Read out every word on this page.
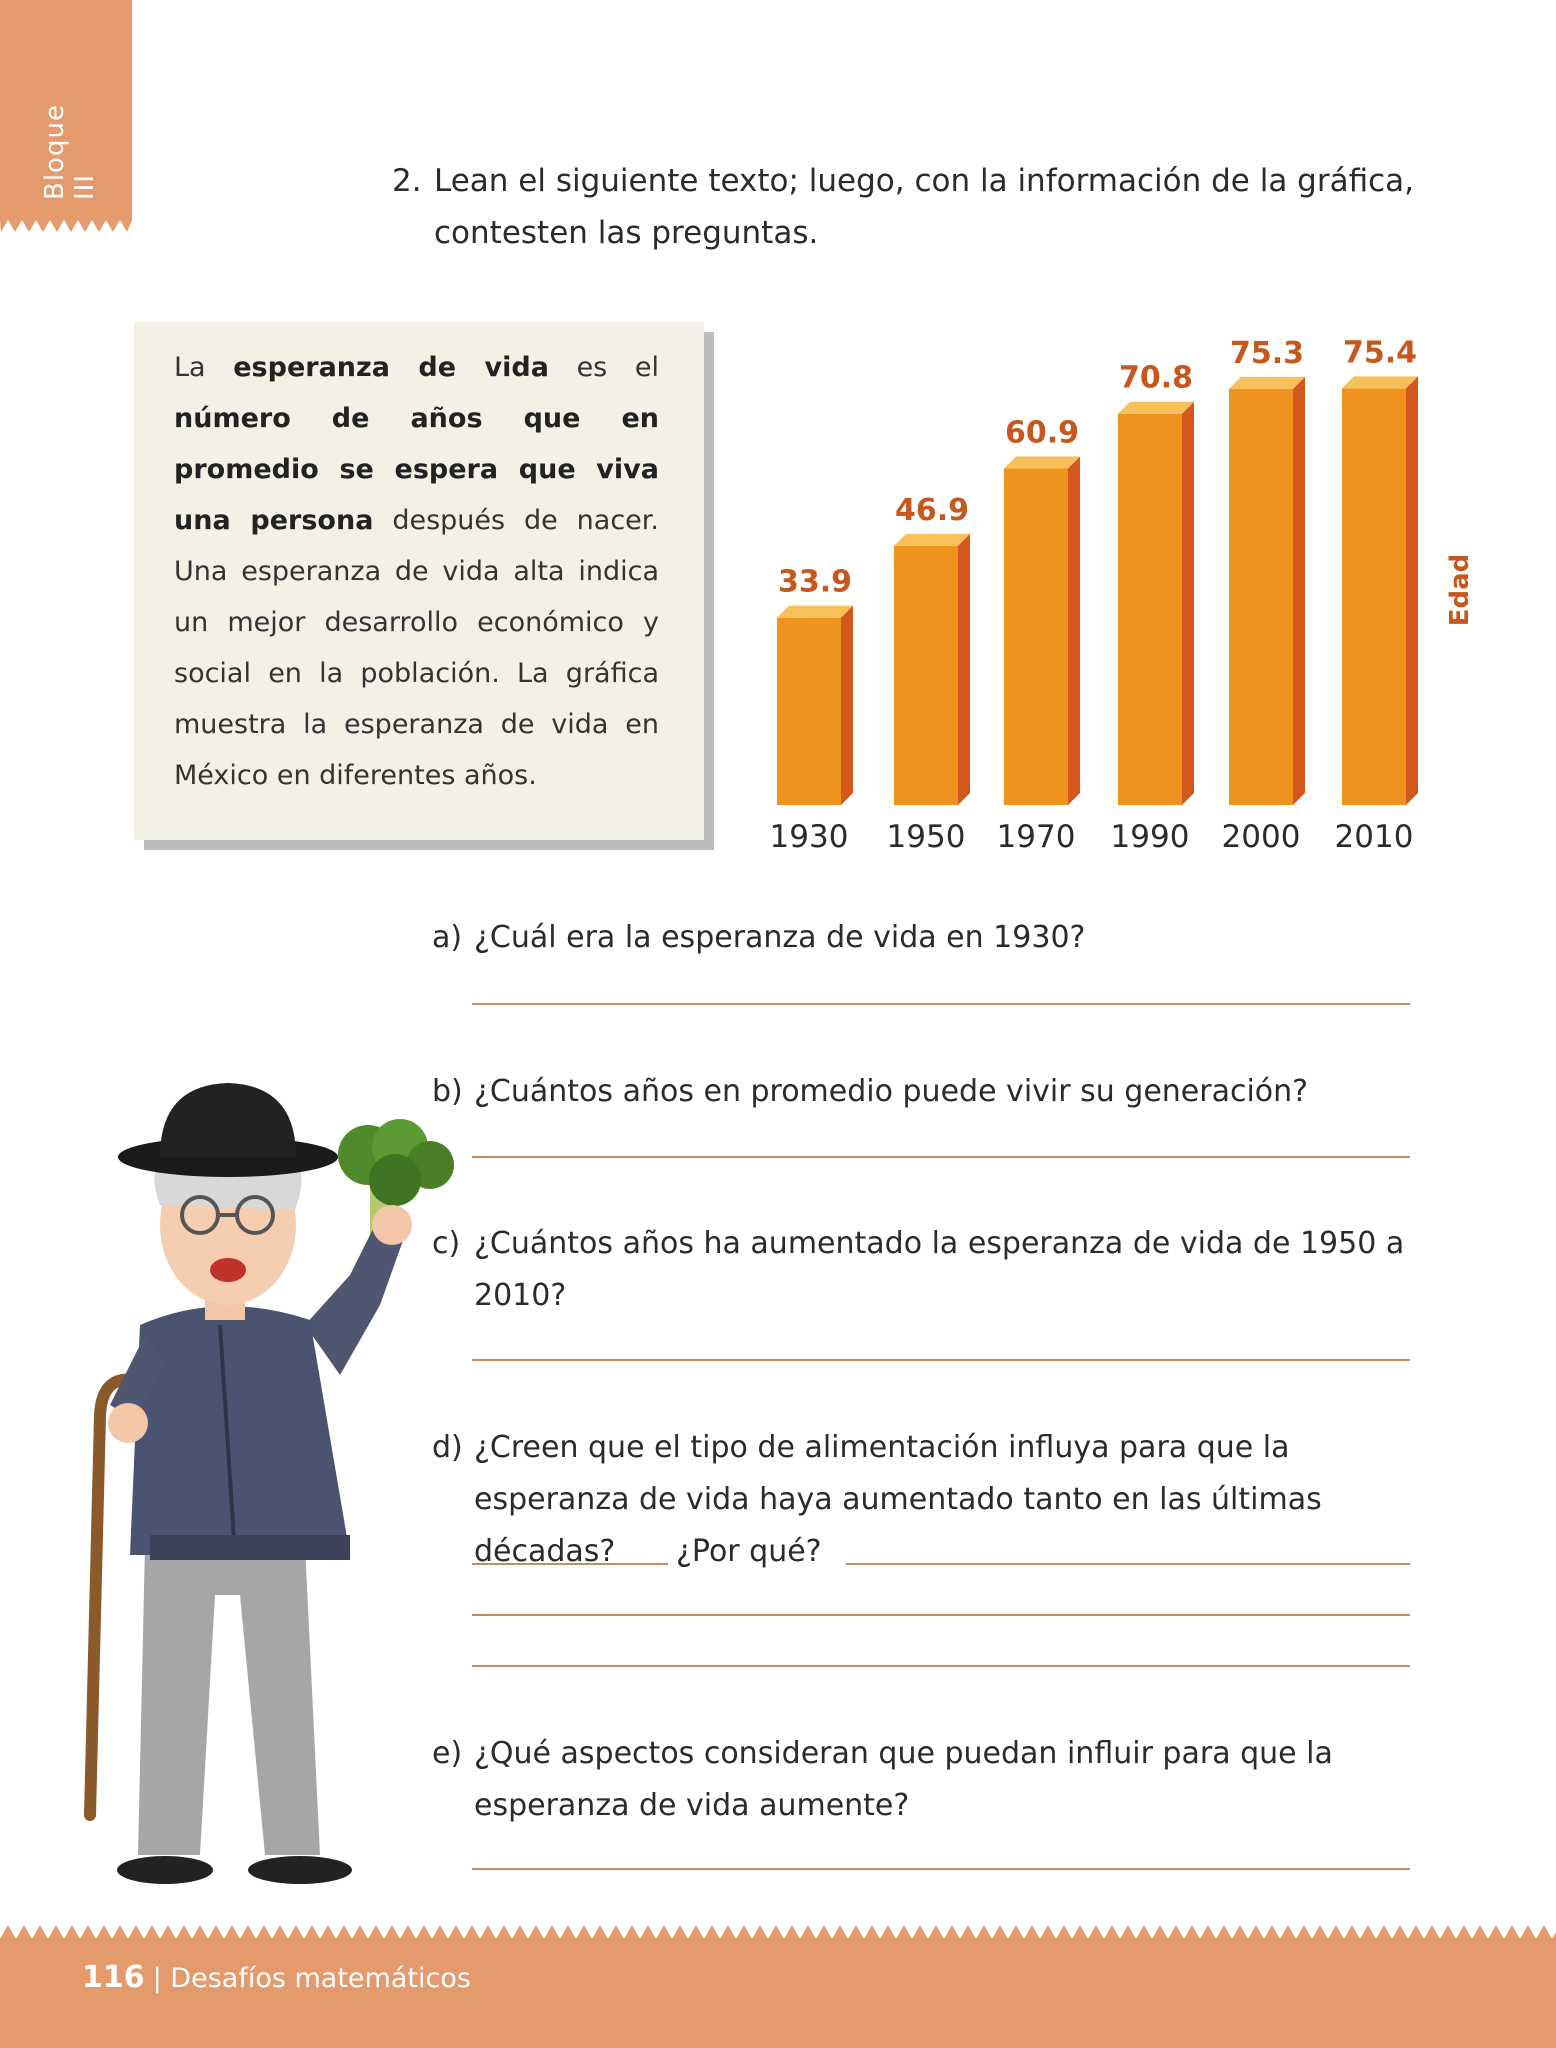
Bloque III	2. Lean el siguiente texto; luego, con la información de la gráfica, contesten las preguntas.

La esperanza de vida es el número de años que en promedio se espera que viva una persona después de nacer. Una esperanza de vida alta indica un mejor desarrollo económico y social en la población. La gráfica muestra la esperanza de vida en México en diferentes años.

33.9
1930
46.9
1950
60.9
1970
70.8
1990
75.3
2000
75.4
2010
Edad
a) ¿Cuál era la esperanza de vida en 1930?
b) ¿Cuántos años en promedio puede vivir su generación?
c) ¿Cuántos años ha aumentado la esperanza de vida de 1950 a 2010?
d) ¿Creen que el tipo de alimentación influya para que la esperanza de vida haya aumentado tanto en las últimas décadas?	¿Por qué?
e) ¿Qué aspectos consideran que puedan influir para que la esperanza de vida aumente?
116 | Desafíos matemáticos
